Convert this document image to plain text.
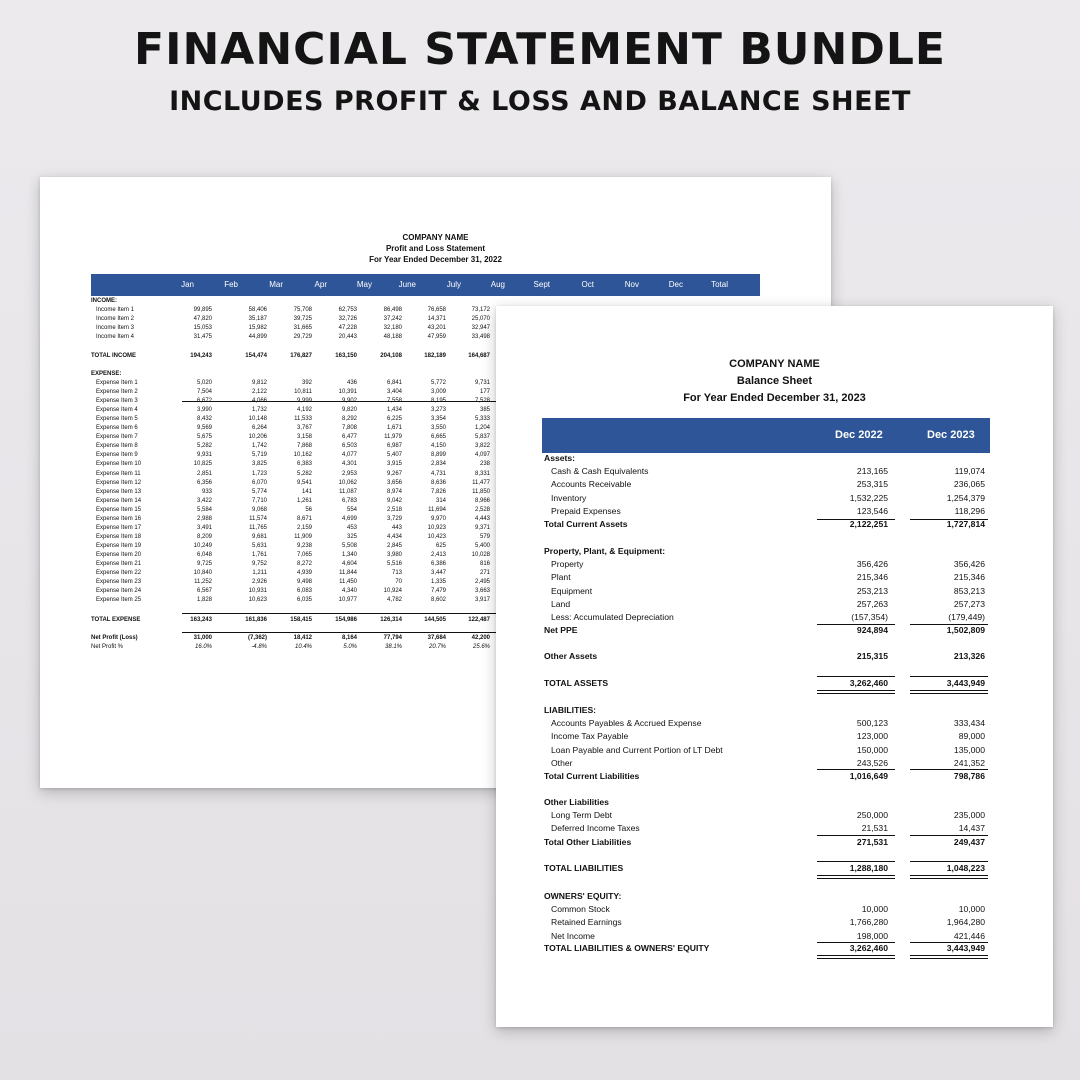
FINANCIAL STATEMENT BUNDLE
INCLUDES PROFIT & LOSS AND BALANCE SHEET
COMPANY NAME
Profit and Loss Statement
For Year Ended December 31, 2022
Jan	Feb	Mar	Apr	May	June	July	Aug	Sept	Oct	Nov	Dec	Total
INCOME:
Income Item 1	99,895	58,406	75,708	62,753	86,498	76,658	73,172
Income Item 2	47,820	35,187	39,725	32,726	37,242	14,371	25,070
Income Item 3	15,053	15,982	31,665	47,228	32,180	43,201	32,947
Income Item 4	31,475	44,899	29,729	20,443	48,188	47,959	33,498
TOTAL INCOME	194,243	154,474	176,827	163,150	204,108	182,189	164,687
EXPENSE:
Expense Item 1	5,020	9,812	392	436	6,841	5,772	9,731
Expense Item 2	7,504	2,122	10,811	10,391	3,404	3,009	177
Expense Item 3	6,672	4,066	9,999	9,902	7,558	8,195	7,528
Expense Item 4	3,990	1,732	4,192	9,820	1,434	3,273	385
Expense Item 5	8,432	10,148	11,533	8,292	6,225	3,354	5,333
Expense Item 6	9,569	6,264	3,767	7,808	1,671	3,550	1,204
Expense Item 7	5,675	10,206	3,158	6,477	11,979	6,665	5,837
Expense Item 8	5,282	1,742	7,868	6,503	6,987	4,150	3,822
Expense Item 9	9,931	5,719	10,162	4,077	5,407	8,899	4,097
Expense Item 10	10,825	3,825	6,383	4,301	3,915	2,834	238
Expense Item 11	2,851	1,723	5,282	2,953	9,267	4,731	8,331
Expense Item 12	6,356	6,070	9,541	10,062	3,656	8,636	11,477
Expense Item 13	933	5,774	141	11,087	8,974	7,826	11,850
Expense Item 14	3,422	7,710	1,261	6,783	9,042	314	8,966
Expense Item 15	5,584	9,068	56	554	2,518	11,694	2,528
Expense Item 16	2,988	11,574	8,671	4,699	3,729	9,970	4,443
Expense Item 17	3,491	11,765	2,159	453	443	10,923	9,371
Expense Item 18	8,209	9,681	11,909	325	4,434	10,423	579
Expense Item 19	10,249	5,631	9,238	5,508	2,845	625	5,400
Expense Item 20	6,048	1,761	7,065	1,340	3,980	2,413	10,028
Expense Item 21	9,725	9,752	8,272	4,604	5,516	6,386	816
Expense Item 22	10,840	1,211	4,939	11,844	713	3,447	271
Expense Item 23	11,252	2,926	9,498	11,450	70	1,335	2,495
Expense Item 24	6,567	10,931	6,083	4,340	10,924	7,479	3,663
Expense Item 25	1,828	10,623	6,035	10,977	4,782	8,602	3,917
TOTAL EXPENSE	163,243	161,836	158,415	154,986	126,314	144,505	122,487
Net Profit (Loss)	31,000	(7,362)	18,412	8,164	77,794	37,684	42,200
Net Profit %	16.0%	-4.8%	10.4%	5.0%	38.1%	20.7%	25.6%
COMPANY NAME
Balance Sheet
For Year Ended December 31, 2023
Dec 2022	Dec 2023
Assets:
Cash & Cash Equivalents	213,165	119,074
Accounts Receivable	253,315	236,065
Inventory	1,532,225	1,254,379
Prepaid Expenses	123,546	118,296
Total Current Assets	2,122,251	1,727,814
Property, Plant, & Equipment:
Property	356,426	356,426
Plant	215,346	215,346
Equipment	253,213	853,213
Land	257,263	257,273
Less: Accumulated Depreciation	(157,354)	(179,449)
Net PPE	924,894	1,502,809
Other Assets	215,315	213,326
TOTAL ASSETS	3,262,460	3,443,949
LIABILITIES:
Accounts Payables & Accrued Expense	500,123	333,434
Income Tax Payable	123,000	89,000
Loan Payable and Current Portion of LT Debt	150,000	135,000
Other	243,526	241,352
Total Current Liabilities	1,016,649	798,786
Other Liabilities
Long Term Debt	250,000	235,000
Deferred Income Taxes	21,531	14,437
Total Other Liabilities	271,531	249,437
TOTAL LIABILITIES	1,288,180	1,048,223
OWNERS' EQUITY:
Common Stock	10,000	10,000
Retained Earnings	1,766,280	1,964,280
Net Income	198,000	421,446
TOTAL LIABILITIES & OWNERS' EQUITY	3,262,460	3,443,949
